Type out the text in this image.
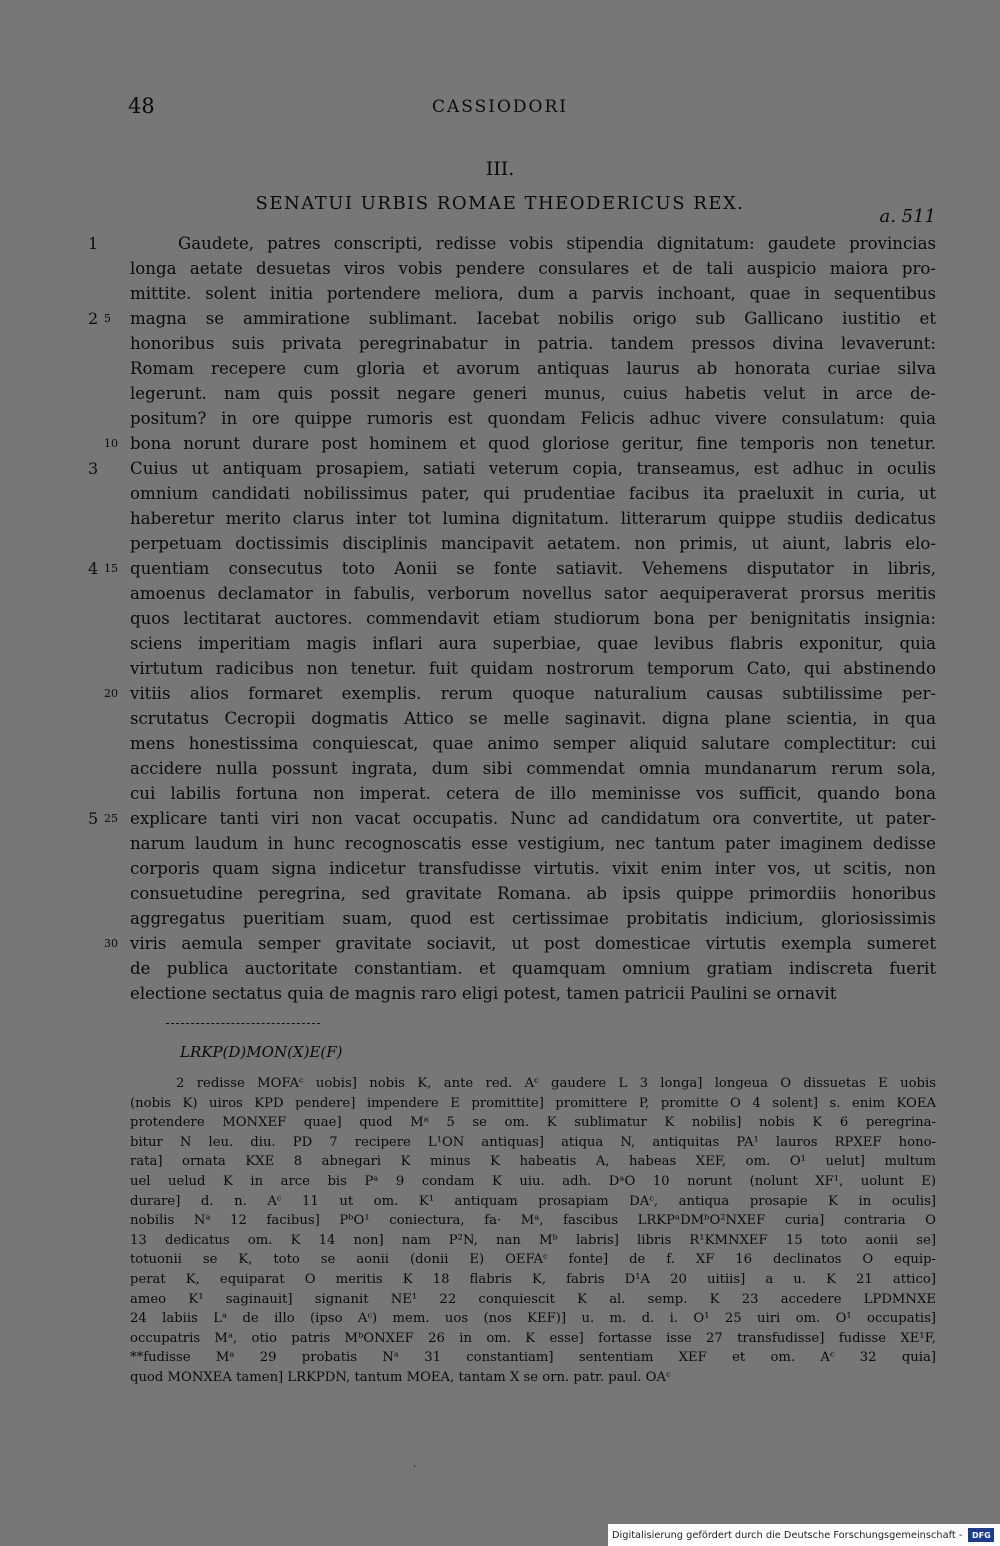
48	CASSIODORI
III.
SENATUI URBIS ROMAE THEODERICUS REX.
a. 511
Gaudete, patres conscripti, redisse vobis stipendia dignitatum: gaudete provincias
1
longa aetate desuetas viros vobis pendere consulares et de tali auspicio maiora pro-
mittite. solent initia portendere meliora, dum a parvis inchoant, quae in sequentibus
magna se ammiratione sublimant. Iacebat nobilis origo sub Gallicano iustitio et
2 5
honoribus suis privata peregrinabatur in patria. tandem pressos divina levaverunt:
Romam recepere cum gloria et avorum antiquas laurus ab honorata curiae silva
legerunt. nam quis possit negare generi munus, cuius habetis velut in arce de-
positum? in ore quippe rumoris est quondam Felicis adhuc vivere consulatum: quia
bona norunt durare post hominem et quod gloriose geritur, fine temporis non tenetur.
10
Cuius ut antiquam prosapiem, satiati veterum copia, transeamus, est adhuc in oculis
3
omnium candidati nobilissimus pater, qui prudentiae facibus ita praeluxit in curia, ut
haberetur merito clarus inter tot lumina dignitatum. litterarum quippe studiis dedicatus
perpetuam doctissimis disciplinis mancipavit aetatem. non primis, ut aiunt, labris elo-
quentiam consecutus toto Aonii se fonte satiavit. Vehemens disputator in libris,
4 15
amoenus declamator in fabulis, verborum novellus sator aequiperaverat prorsus meritis
quos lectitarat auctores. commendavit etiam studiorum bona per benignitatis insignia:
sciens imperitiam magis inflari aura superbiae, quae levibus flabris exponitur, quia
virtutum radicibus non tenetur. fuit quidam nostrorum temporum Cato, qui abstinendo
vitiis alios formaret exemplis. rerum quoque naturalium causas subtilissime per-
20
scrutatus Cecropii dogmatis Attico se melle saginavit. digna plane scientia, in qua
mens honestissima conquiescat, quae animo semper aliquid salutare complectitur: cui
accidere nulla possunt ingrata, dum sibi commendat omnia mundanarum rerum sola,
cui labilis fortuna non imperat. cetera de illo meminisse vos sufficit, quando bona
explicare tanti viri non vacat occupatis. Nunc ad candidatum ora convertite, ut pater-
5 25
narum laudum in hunc recognoscatis esse vestigium, nec tantum pater imaginem dedisse
corporis quam signa indicetur transfudisse virtutis. vixit enim inter vos, ut scitis, non
consuetudine peregrina, sed gravitate Romana. ab ipsis quippe primordiis honoribus
aggregatus pueritiam suam, quod est certissimae probitatis indicium, gloriosissimis
viris aemula semper gravitate sociavit, ut post domesticae virtutis exempla sumeret
30
de publica auctoritate constantiam. et quamquam omnium gratiam indiscreta fuerit
electione sectatus quia de magnis raro eligi potest, tamen patricii Paulini se ornavit
LRKP(D)MON(X)E(F)
2 redisse MOFAᶜ uobis] nobis K, ante red. Aᶜ gaudere L 3 longa] longeua O dissuetas E uobis
(nobis K) uiros KPD pendere] impendere E promittite] promittere P, promitte O 4 solent] s. enim KOEA
protendere MONXEF quae] quod Mᵃ 5 se om. K sublimatur K nobilis] nobis K 6 peregrina-
bitur N leu. diu. PD 7 recipere L¹ON antiquas] atiqua N, antiquitas PA¹ lauros RPXEF hono-
rata] ornata KXE 8 abnegari K minus K habeatis A, habeas XEF, om. O¹ uelut] multum
uel uelud K in arce bis Pᵃ 9 condam K uiu. adh. DᵃO 10 norunt (nolunt XF¹, uolunt E)
durare] d. n. Aᶜ 11 ut om. K¹ antiquam prosapiam DAᶜ, antiqua prosapie K in oculis]
nobilis Nᵃ 12 facibus] PᵇO¹ coniectura, fa· Mᵃ, fascibus LRKPᵃDMᵇO²NXEF curia] contraria O
13 dedicatus om. K 14 non] nam P²N, nan Mᵇ labris] libris R¹KMNXEF 15 toto aonii se]
totuonii se K, toto se aonii (donii E) OEFAᶜ fonte] de f. XF 16 declinatos O equip-
perat K, equiparat O meritis K 18 flabris K, fabris D¹A 20 uitiis] a u. K 21 attico]
ameo K¹ saginauit] signanit NE¹ 22 conquiescit K al. semp. K 23 accedere LPDMNXE
24 labiis Lᵃ de illo (ipso Aᶜ) mem. uos (nos KEF)] u. m. d. i. O¹ 25 uiri om. O¹ occupatis]
occupatris Mᵃ, otio patris MᵇONXEF 26 in om. K esse] fortasse isse 27 transfudisse] fudisse XE¹F,
**fudisse Mᵃ 29 probatis Nᵃ 31 constantiam] sententiam XEF et om. Aᶜ 32 quia]
quod MONXEA tamen] LRKPDN, tantum MOEA, tantam X se orn. patr. paul. OAᶜ
·
Digitalisierung gefördert durch die Deutsche Forschungsgemeinschaft -	DFG
